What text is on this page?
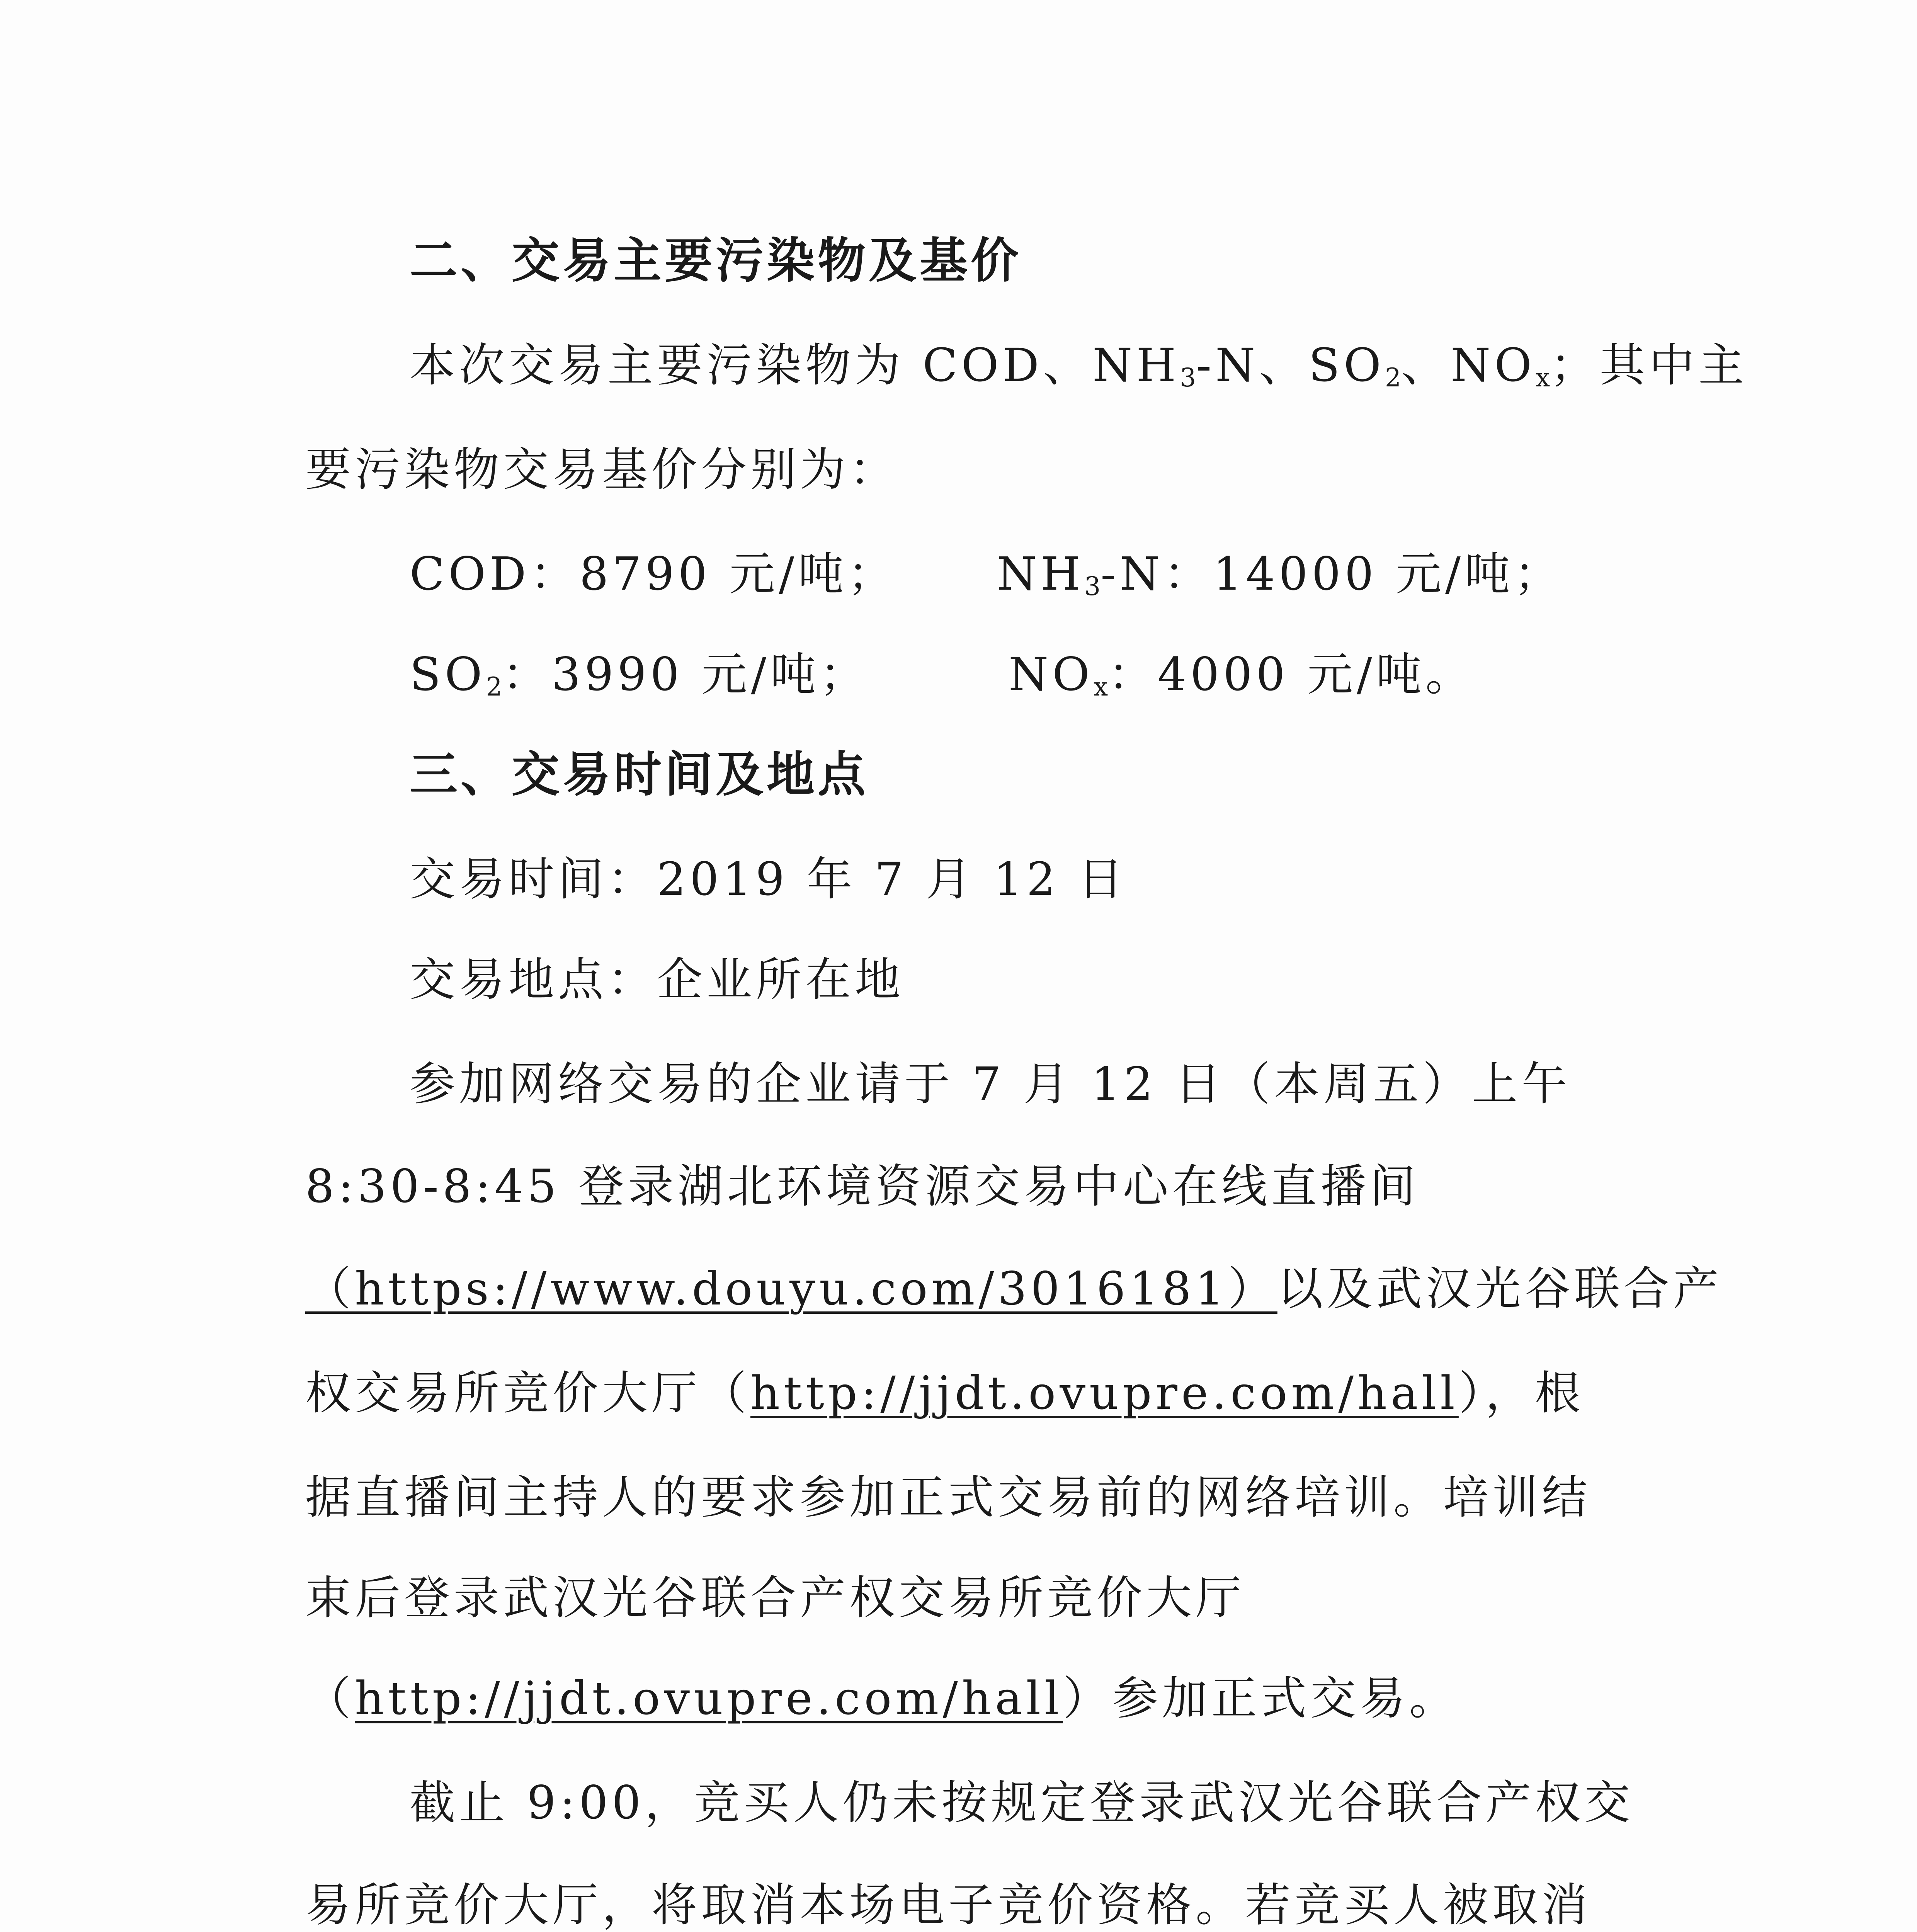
二、交易主要污染物及基价
本次交易主要污染物为 COD、$NH_3-N$、$SO_2$、$NO_x$；其中主
要污染物交易基价分别为：
COD：8790 元/吨； $NH_3-N$：14000 元/吨；
$SO_2$：3990 元/吨；	$NO_x$：4000 元/吨。
三、交易时间及地点
交易时间：2019 年 7 月 12 日
交易地点：企业所在地
参加网络交易的企业请于 7 月 12 日（本周五）上午
8:30-8:45 登录湖北环境资源交易中心在线直播间
（https://www.douyu.com/3016181）以及武汉光谷联合产
权交易所竞价大厅（http://jjdt.ovupre.com/hall），根
据直播间主持人的要求参加正式交易前的网络培训。培训结
束后登录武汉光谷联合产权交易所竞价大厅
（http://jjdt.ovupre.com/hall）参加正式交易。
截止 9:00，竞买人仍未按规定登录武汉光谷联合产权交
易所竞价大厅，将取消本场电子竞价资格。若竞买人被取消
